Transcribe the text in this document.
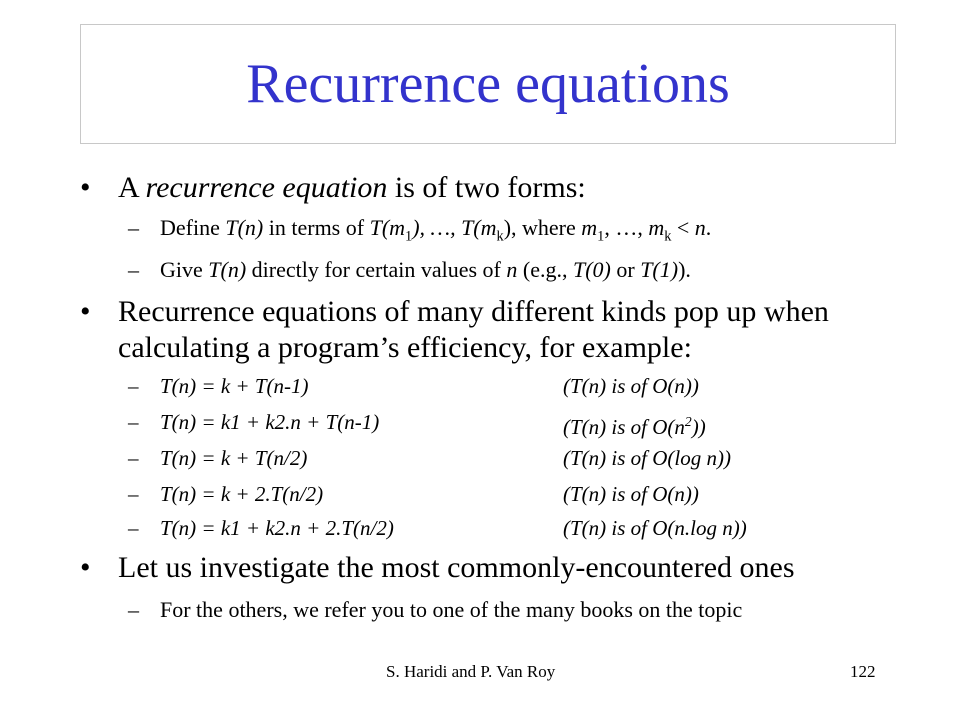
Recurrence equations
• A recurrence equation is of two forms:
– Define T(n) in terms of $T(m_1)$, …, $T(m_k)$, where $m_1$, …, $m_k < n$.
– Give T(n) directly for certain values of n (e.g., T(0) or T(1)).
• Recurrence equations of many different kinds pop up when calculating a program’s efficiency, for example:
– T(n) = k + T(n-1)	(T(n) is of O(n))
– T(n) = k1 + k2.n + T(n-1)	(T(n) is of $O(n^2)$)
– T(n) = k + T(n/2)	(T(n) is of O(log n))
– T(n) = k + 2.T(n/2)	(T(n) is of O(n))
– T(n) = k1 + k2.n + 2.T(n/2)	(T(n) is of O(n.log n))
• Let us investigate the most commonly-encountered ones
– For the others, we refer you to one of the many books on the topic
S. Haridi and P. Van Roy	122
